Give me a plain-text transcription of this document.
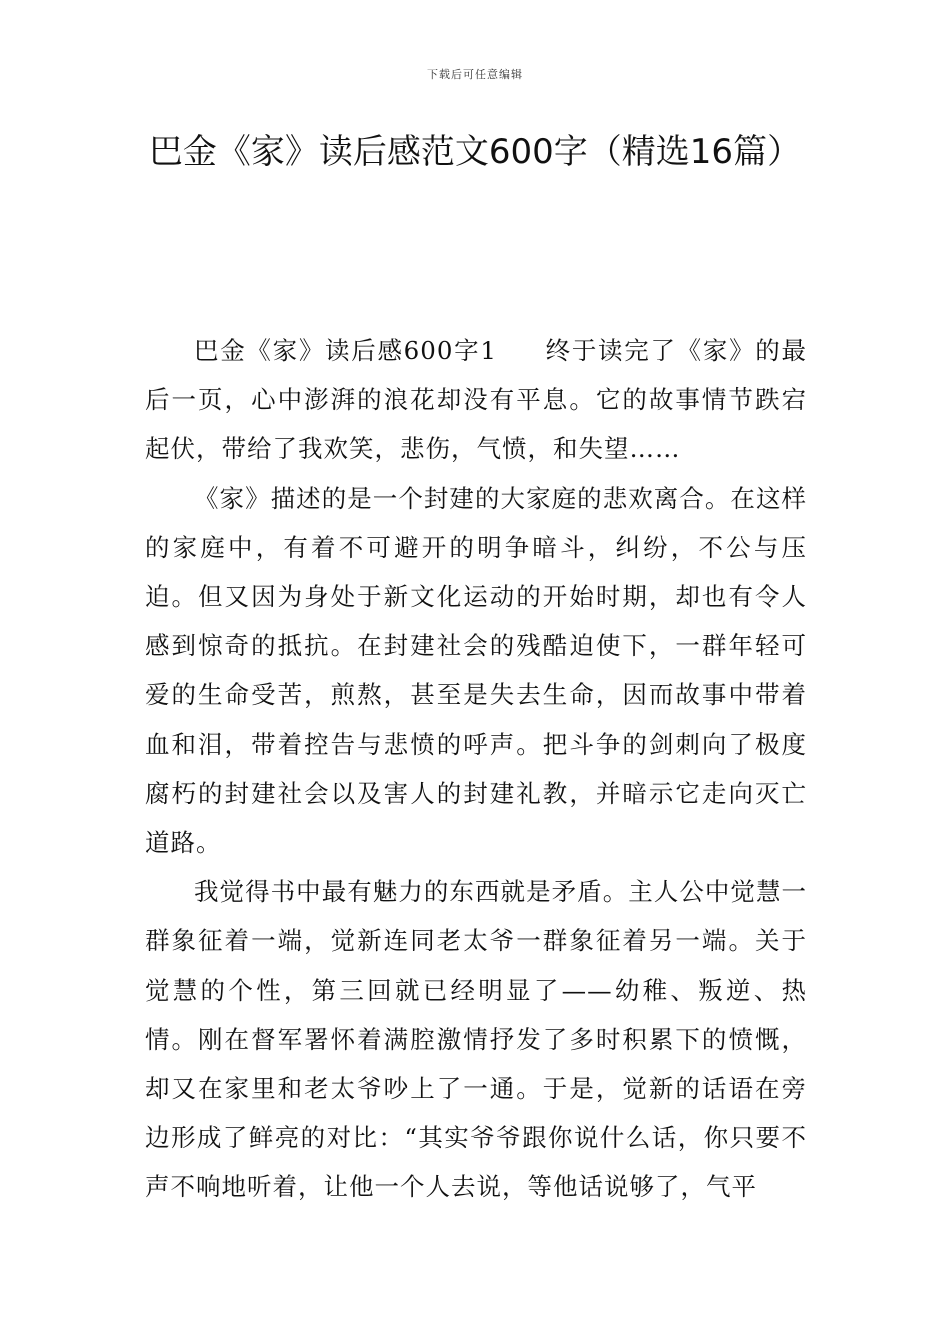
下载后可任意编辑
巴金《家》读后感范文600字（精选16篇）

巴金《家》读后感600字1 终于读完了《家》的最后一页，心中澎湃的浪花却没有平息。它的故事情节跌宕起伏，带给了我欢笑，悲伤，气愤，和失望……

《家》描述的是一个封建的大家庭的悲欢离合。在这样的家庭中，有着不可避开的明争暗斗，纠纷，不公与压迫。但又因为身处于新文化运动的开始时期，却也有令人感到惊奇的抵抗。在封建社会的残酷迫使下，一群年轻可爱的生命受苦，煎熬，甚至是失去生命，因而故事中带着血和泪，带着控告与悲愤的呼声。把斗争的剑刺向了极度腐朽的封建社会以及害人的封建礼教，并暗示它走向灭亡道路。

我觉得书中最有魅力的东西就是矛盾。主人公中觉慧一群象征着一端，觉新连同老太爷一群象征着另一端。关于觉慧的个性，第三回就已经明显了——幼稚、叛逆、热情。刚在督军署怀着满腔激情抒发了多时积累下的愤慨，却又在家里和老太爷吵上了一通。于是，觉新的话语在旁边形成了鲜亮的对比：“其实爷爷跟你说什么话，你只要不声不响地听着，让他一个人去说，等他话说够了，气平
